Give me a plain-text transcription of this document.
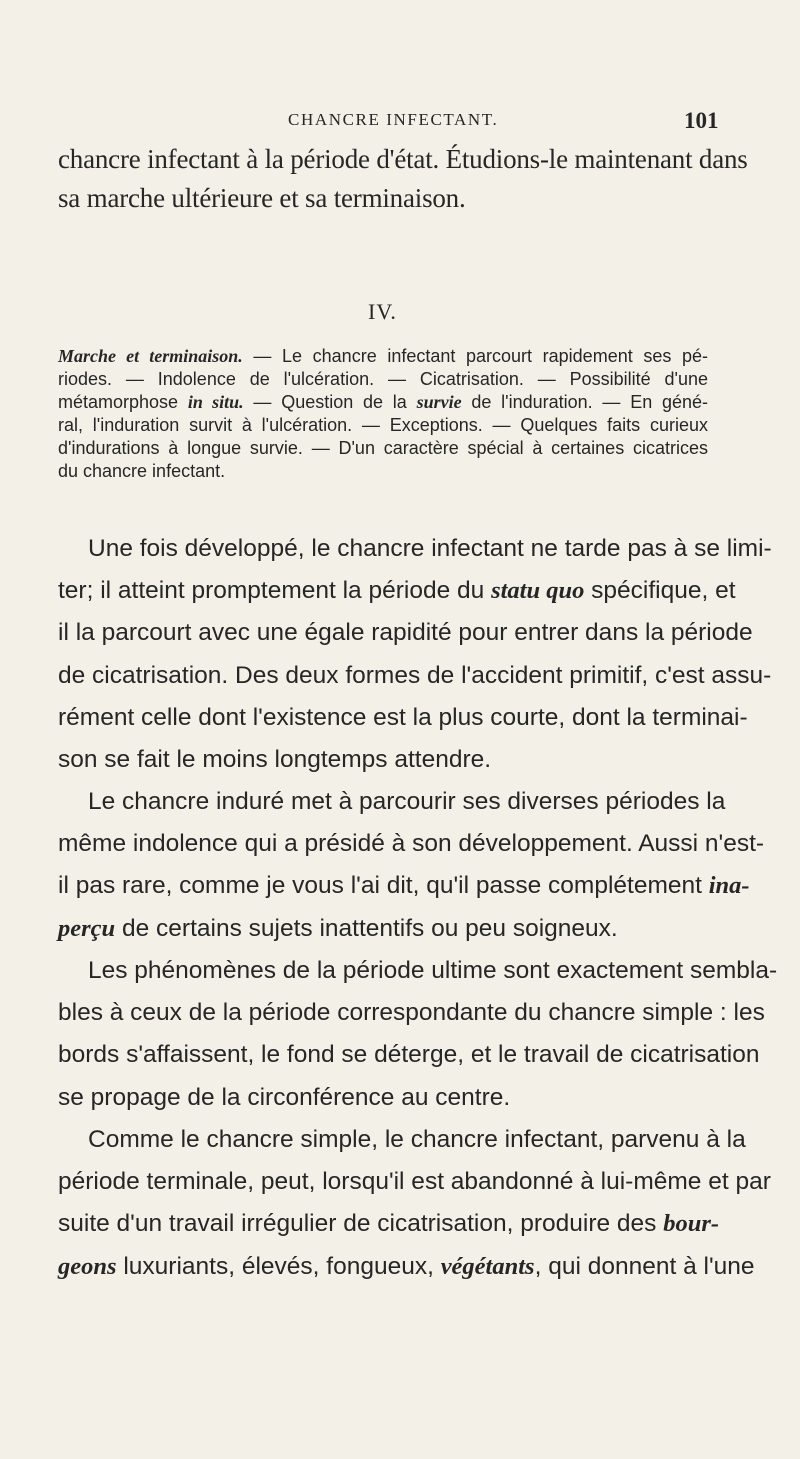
CHANCRE INFECTANT.	101

chancre infectant à la période d'état. Étudions-le maintenant dans

sa marche ultérieure et sa terminaison.

IV.
Marche et terminaison. — Le chancre infectant parcourt rapidement ses pé-
riodes. — Indolence de l'ulcération. — Cicatrisation. — Possibilité d'une
métamorphose in situ. — Question de la survie de l'induration. — En géné-
ral, l'induration survit à l'ulcération. — Exceptions. — Quelques faits curieux
d'indurations à longue survie. — D'un caractère spécial à certaines cicatrices
du chancre infectant.
Une fois développé, le chancre infectant ne tarde pas à se limi-
ter; il atteint promptement la période du statu quo spécifique, et
il la parcourt avec une égale rapidité pour entrer dans la période
de cicatrisation. Des deux formes de l'accident primitif, c'est assu-
rément celle dont l'existence est la plus courte, dont la terminai-
son se fait le moins longtemps attendre.
Le chancre induré met à parcourir ses diverses périodes la
même indolence qui a présidé à son développement. Aussi n'est-
il pas rare, comme je vous l'ai dit, qu'il passe complétement ina-
perçu de certains sujets inattentifs ou peu soigneux.
Les phénomènes de la période ultime sont exactement sembla-
bles à ceux de la période correspondante du chancre simple : les
bords s'affaissent, le fond se déterge, et le travail de cicatrisation
se propage de la circonférence au centre.
Comme le chancre simple, le chancre infectant, parvenu à la
période terminale, peut, lorsqu'il est abandonné à lui-même et par
suite d'un travail irrégulier de cicatrisation, produire des bour-
geons luxuriants, élevés, fongueux, végétants, qui donnent à l'une
